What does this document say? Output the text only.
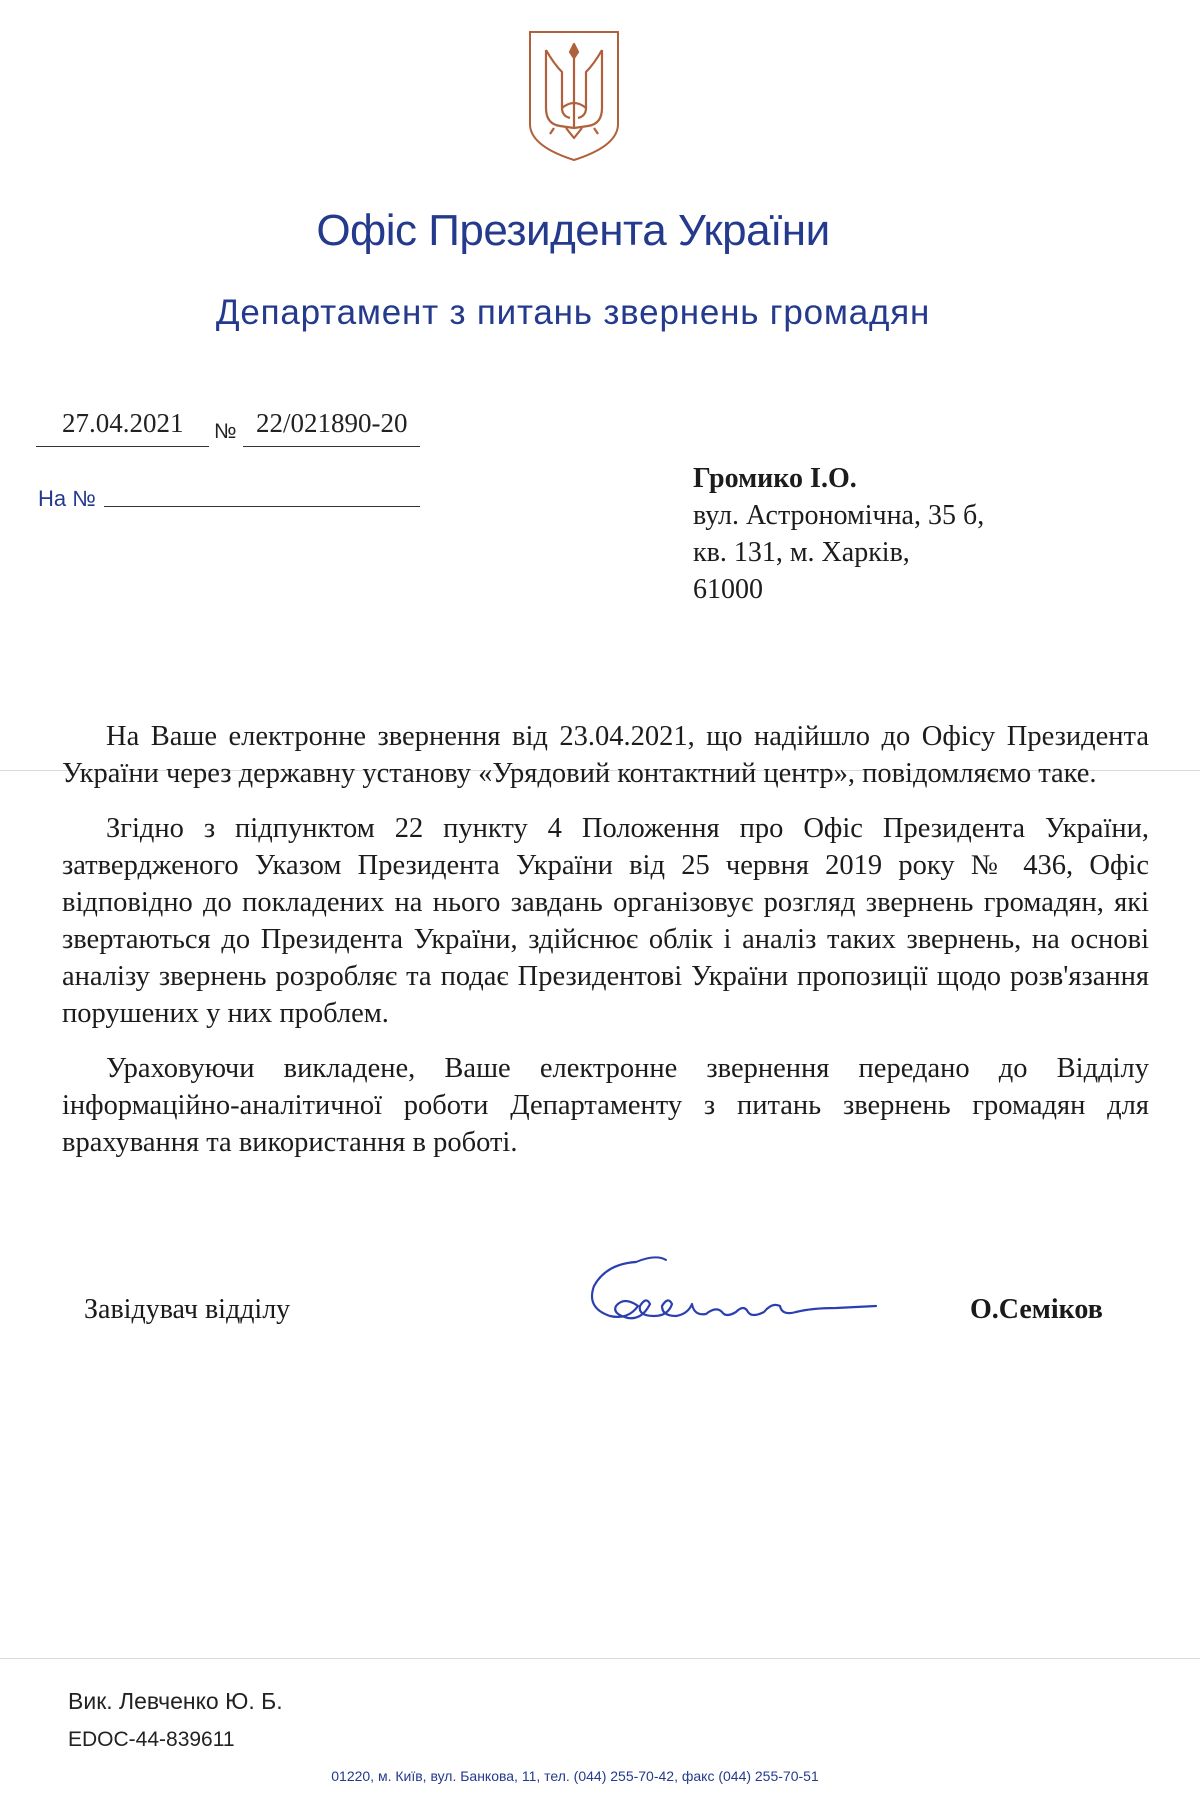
Офіс Президента України
Департамент з питань звернень громадян
27.04.2021 № 22/021890-20
На №
Громико І.О.
вул. Астрономічна, 35 б,
кв. 131, м. Харків,
61000

На Ваше електронне звернення від 23.04.2021, що надійшло до Офісу Президента України через державну установу «Урядовий контактний центр», повідомляємо таке.

Згідно з підпунктом 22 пункту 4 Положення про Офіс Президента України, затвердженого Указом Президента України від 25 червня 2019 року № 436, Офіс відповідно до покладених на нього завдань організовує розгляд звернень громадян, які звертаються до Президента України, здійснює облік і аналіз таких звернень, на основі аналізу звернень розробляє та подає Президентові України пропозиції щодо розв'язання порушених у них проблем.

Ураховуючи викладене, Ваше електронне звернення передано до Відділу інформаційно-аналітичної роботи Департаменту з питань звернень громадян для врахування та використання в роботі.

Завідувач відділу	О.Семіков
Вик. Левченко Ю. Б.
EDOC-44-839611
01220, м. Київ, вул. Банкова, 11, тел. (044) 255-70-42, факс (044) 255-70-51
